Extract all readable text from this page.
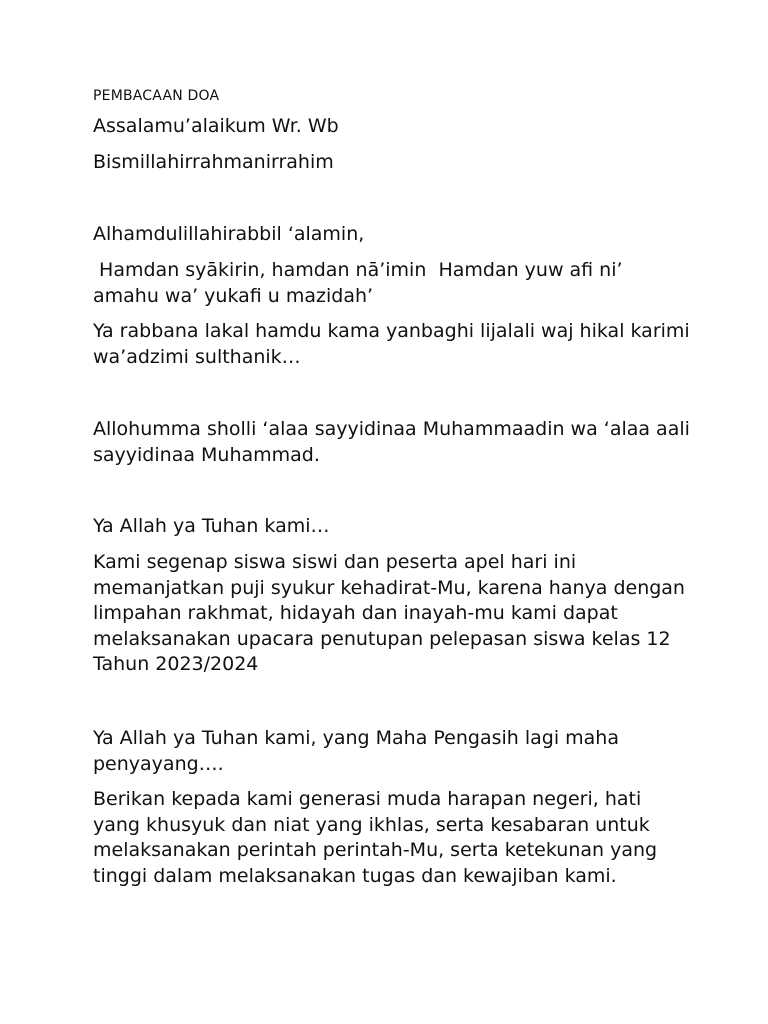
PEMBACAAN DOA

Assalamu’alaikum Wr. Wb

Bismillahirrahmanirrahim

Alhamdulillahirabbil ‘alamin,

Hamdan syākirin, hamdan nā’imin  Hamdan yuw afi ni’ amahu wa’ yukafi u mazidah’

Ya rabbana lakal hamdu kama yanbaghi lijalali waj hikal karimi wa’adzimi sulthanik…

Allohumma sholli ‘alaa sayyidinaa Muhammaadin wa ‘alaa aali sayyidinaa Muhammad.

Ya Allah ya Tuhan kami…

Kami segenap siswa siswi dan peserta apel hari ini memanjatkan puji syukur kehadirat-Mu, karena hanya dengan limpahan rakhmat, hidayah dan inayah-mu kami dapat melaksanakan upacara penutupan pelepasan siswa kelas 12 Tahun 2023/2024

Ya Allah ya Tuhan kami, yang Maha Pengasih lagi maha penyayang….

Berikan kepada kami generasi muda harapan negeri, hati yang khusyuk dan niat yang ikhlas, serta kesabaran untuk melaksanakan perintah perintah-Mu, serta ketekunan yang tinggi dalam melaksanakan tugas dan kewajiban kami.
